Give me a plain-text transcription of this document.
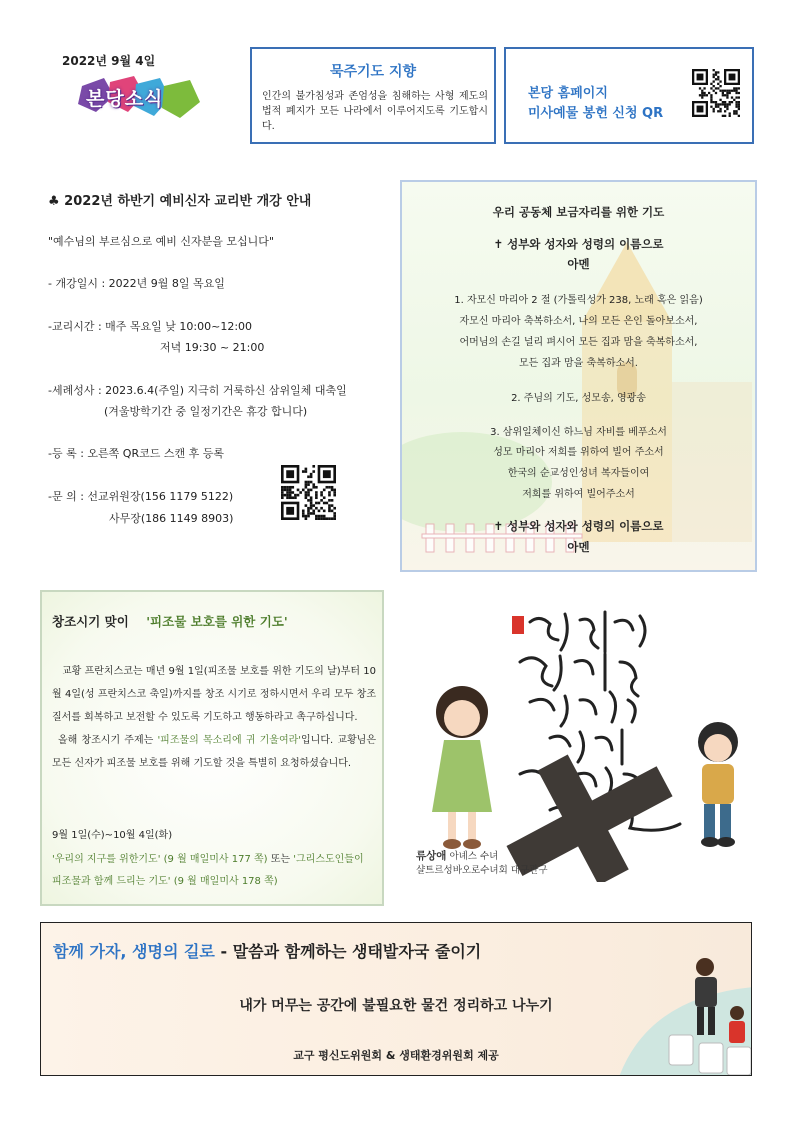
2022년 9월 4일
본당소식
묵주기도 지향
인간의 불가침성과 존엄성을 침해하는 사형 제도의 법적 폐지가 모든 나라에서 이루어지도록 기도합시다.
본당 홈페이지
미사예물 봉헌 신청 QR
♣ 2022년 하반기 예비신자 교리반 개강 안내
"예수님의 부르심으로 예비 신자분을 모십니다"
- 개강일시 : 2022년 9월 8일 목요일
-교리시간 : 매주 목요일 낮 10:00~12:00
저녁 19:30 ~ 21:00
-세례성사 : 2023.6.4(주일) 지극히 거룩하신 삼위일체 대축일
(겨울방학기간 중 일정기간은 휴강 합니다)
-등 록 : 오른쪽 QR코드 스캔 후 등록
-문 의 : 선교위원장(156 1179 5122)
사무장(186 1149 8903)
우리 공동체 보금자리를 위한 기도
✝ 성부와 성자와 성령의 이름으로
아멘
1. 자모신 마리아 2 절 (가톨릭성가 238, 노래 혹은 읽음)
자모신 마리아 축복하소서, 나의 모든 은인 돌아보소서,
어머님의 손길 널리 펴시어 모든 집과 맘을 축복하소서,
모든 집과 맘을 축복하소서.
2. 주님의 기도, 성모송, 영광송
3. 삼위일체이신 하느님 자비를 베푸소서
성모 마리아 저희를 위하여 빌어 주소서
한국의 순교성인성녀 복자들이여
저희를 위하여 빌어주소서
✝ 성부와 성자와 성령의 이름으로
아멘
창조시기 맞이 '피조물 보호를 위한 기도'

교황 프란치스코는 매년 9월 1일(피조물 보호를 위한 기도의 날)부터 10월 4일(성 프란치스코 축일)까지를 창조 시기로 정하시면서 우리 모두 창조질서를 회복하고 보전할 수 있도록 기도하고 행동하라고 촉구하십니다.

올해 창조시기 주제는 '피조물의 목소리에 귀 기울여라'입니다. 교황님은 모든 신자가 피조물 보호를 위해 기도할 것을 특별히 요청하셨습니다.

9월 1일(수)~10월 4일(화)
'우리의 지구를 위한기도' (9 월 매일미사 177 쪽) 또는 '그리스도인들이 피조물과 함께 드리는 기도' (9 월 매일미사 178 쪽)
류상애 아녜스 수녀
샬트르성바오로수녀회 대구관구
함께 가자, 생명의 길로 - 말씀과 함께하는 생태발자국 줄이기
내가 머무는 공간에 불필요한 물건 정리하고 나누기
교구 평신도위원회 & 생태환경위원회 제공
